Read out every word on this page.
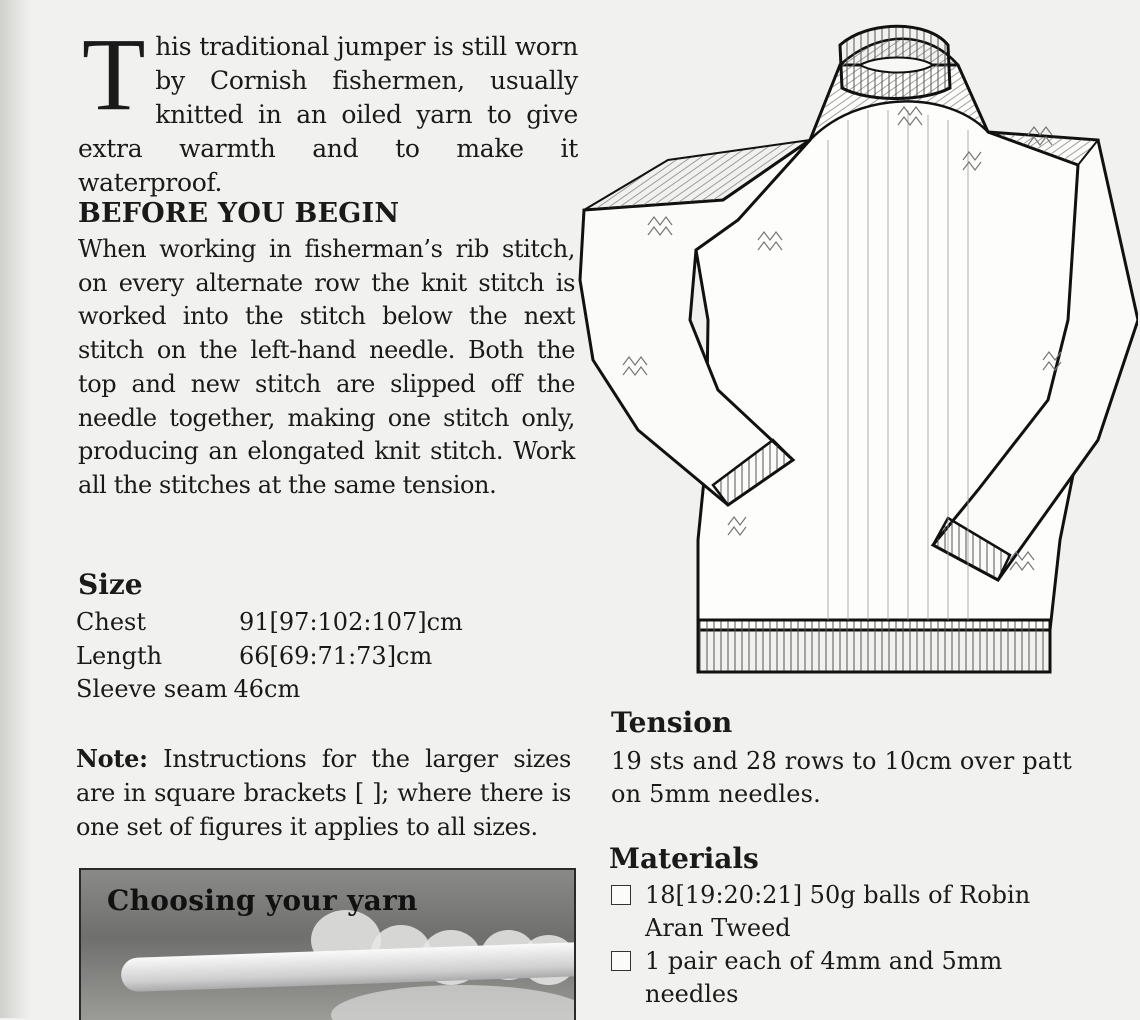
This traditional jumper is still worn by Cornish fishermen, usually knitted in an oiled yarn to give extra warmth and to make it waterproof.

BEFORE YOU BEGIN

When working in fisherman’s rib stitch, on every alternate row the knit stitch is worked into the stitch below the next stitch on the left-hand needle. Both the top and new stitch are slipped off the needle together, making one stitch only, producing an elongated knit stitch. Work all the stitches at the same tension.

Size
Chest	91[97:102:107]cm
Length	66[69:71:73]cm
Sleeve seam 46cm

Note: Instructions for the larger sizes are in square brackets [ ]; where there is one set of figures it applies to all sizes.

Choosing your yarn
Tension

19 sts and 28 rows to 10cm over patt on 5mm needles.

Materials
18[19:20:21] 50g balls of Robin Aran Tweed
1 pair each of 4mm and 5mm needles
